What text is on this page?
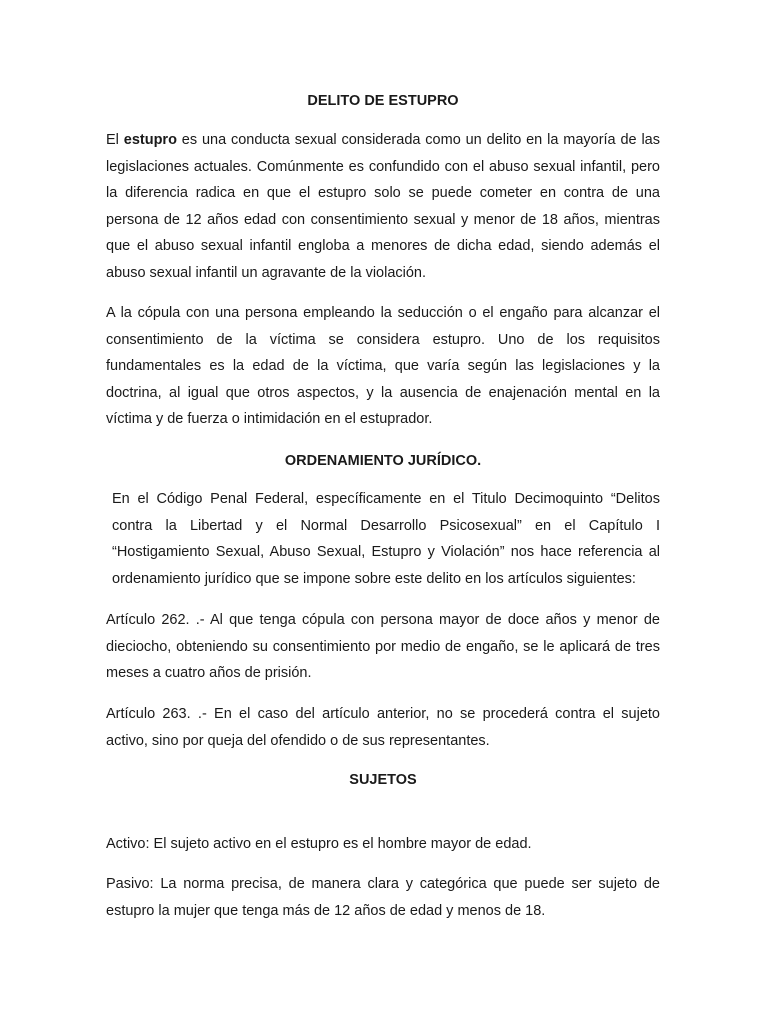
DELITO DE ESTUPRO

El estupro es una conducta sexual considerada como un delito en la mayoría de las legislaciones actuales. Comúnmente es confundido con el abuso sexual infantil, pero la diferencia radica en que el estupro solo se puede cometer en contra de una persona de 12 años edad con consentimiento sexual y menor de 18 años, mientras que el abuso sexual infantil engloba a menores de dicha edad, siendo además el abuso sexual infantil un agravante de la violación.

A la cópula con una persona empleando la seducción o el engaño para alcanzar el consentimiento de la víctima se considera estupro. Uno de los requisitos fundamentales es la edad de la víctima, que varía según las legislaciones y la doctrina, al igual que otros aspectos, y la ausencia de enajenación mental en la víctima y de fuerza o intimidación en el estuprador.

ORDENAMIENTO JURÍDICO.

En el Código Penal Federal, específicamente en el Titulo Decimoquinto “Delitos contra la Libertad y el Normal Desarrollo Psicosexual” en el Capítulo I “Hostigamiento Sexual, Abuso Sexual, Estupro y Violación” nos hace referencia al ordenamiento jurídico que se impone sobre este delito en los artículos siguientes:

Artículo 262. .- Al que tenga cópula con persona mayor de doce años y menor de dieciocho, obteniendo su consentimiento por medio de engaño, se le aplicará de tres meses a cuatro años de prisión.

Artículo 263. .- En el caso del artículo anterior, no se procederá contra el sujeto activo, sino por queja del ofendido o de sus representantes.

SUJETOS

Activo: El sujeto activo en el estupro es el hombre mayor de edad.

Pasivo: La norma precisa, de manera clara y categórica que puede ser sujeto de estupro la mujer que tenga más de 12 años de edad y menos de 18.
